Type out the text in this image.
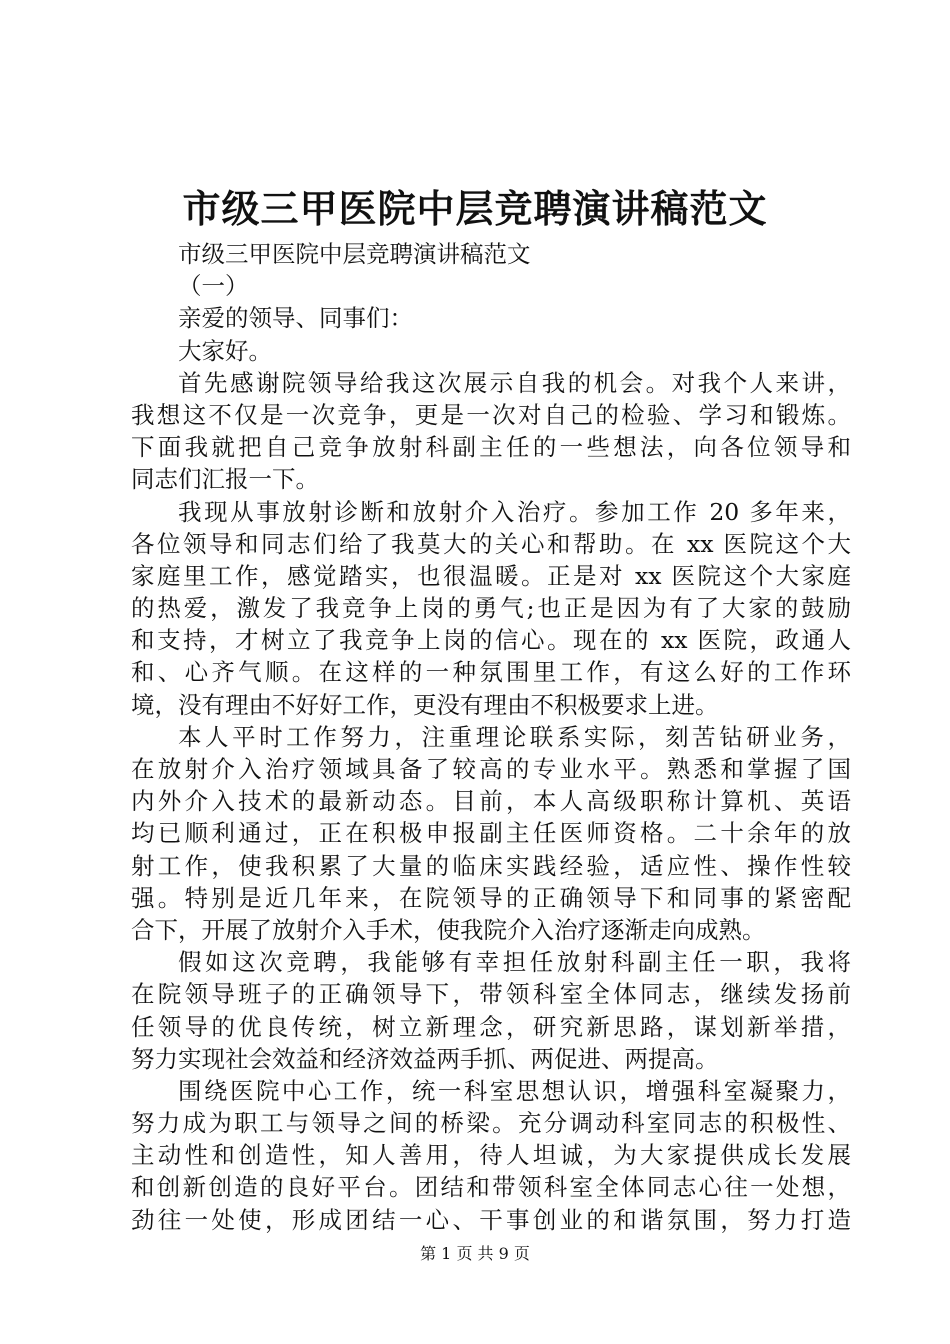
市级三甲医院中层竞聘演讲稿范文
市级三甲医院中层竞聘演讲稿范文
（一）
亲爱的领导、同事们：
大家好。
首先感谢院领导给我这次展示自我的机会。对我个人来讲，
我想这不仅是一次竞争，更是一次对自己的检验、学习和锻炼。
下面我就把自己竞争放射科副主任的一些想法，向各位领导和
同志们汇报一下。
我现从事放射诊断和放射介入治疗。参加工作 20 多年来，
各位领导和同志们给了我莫大的关心和帮助。在 xx 医院这个大
家庭里工作，感觉踏实，也很温暖。正是对 xx 医院这个大家庭
的热爱，激发了我竞争上岗的勇气;也正是因为有了大家的鼓励
和支持，才树立了我竞争上岗的信心。现在的 xx 医院，政通人
和、心齐气顺。在这样的一种氛围里工作，有这么好的工作环
境，没有理由不好好工作，更没有理由不积极要求上进。
本人平时工作努力，注重理论联系实际，刻苦钻研业务，
在放射介入治疗领域具备了较高的专业水平。熟悉和掌握了国
内外介入技术的最新动态。目前，本人高级职称计算机、英语
均已顺利通过，正在积极申报副主任医师资格。二十余年的放
射工作，使我积累了大量的临床实践经验，适应性、操作性较
强。特别是近几年来，在院领导的正确领导下和同事的紧密配
合下，开展了放射介入手术，使我院介入治疗逐渐走向成熟。
假如这次竞聘，我能够有幸担任放射科副主任一职，我将
在院领导班子的正确领导下，带领科室全体同志，继续发扬前
任领导的优良传统，树立新理念，研究新思路，谋划新举措，
努力实现社会效益和经济效益两手抓、两促进、两提高。
围绕医院中心工作，统一科室思想认识，增强科室凝聚力，
努力成为职工与领导之间的桥梁。充分调动科室同志的积极性、
主动性和创造性，知人善用，待人坦诚，为大家提供成长发展
和创新创造的良好平台。团结和带领科室全体同志心往一处想，
劲往一处使，形成团结一心、干事创业的和谐氛围，努力打造
第 1 页 共 9 页
